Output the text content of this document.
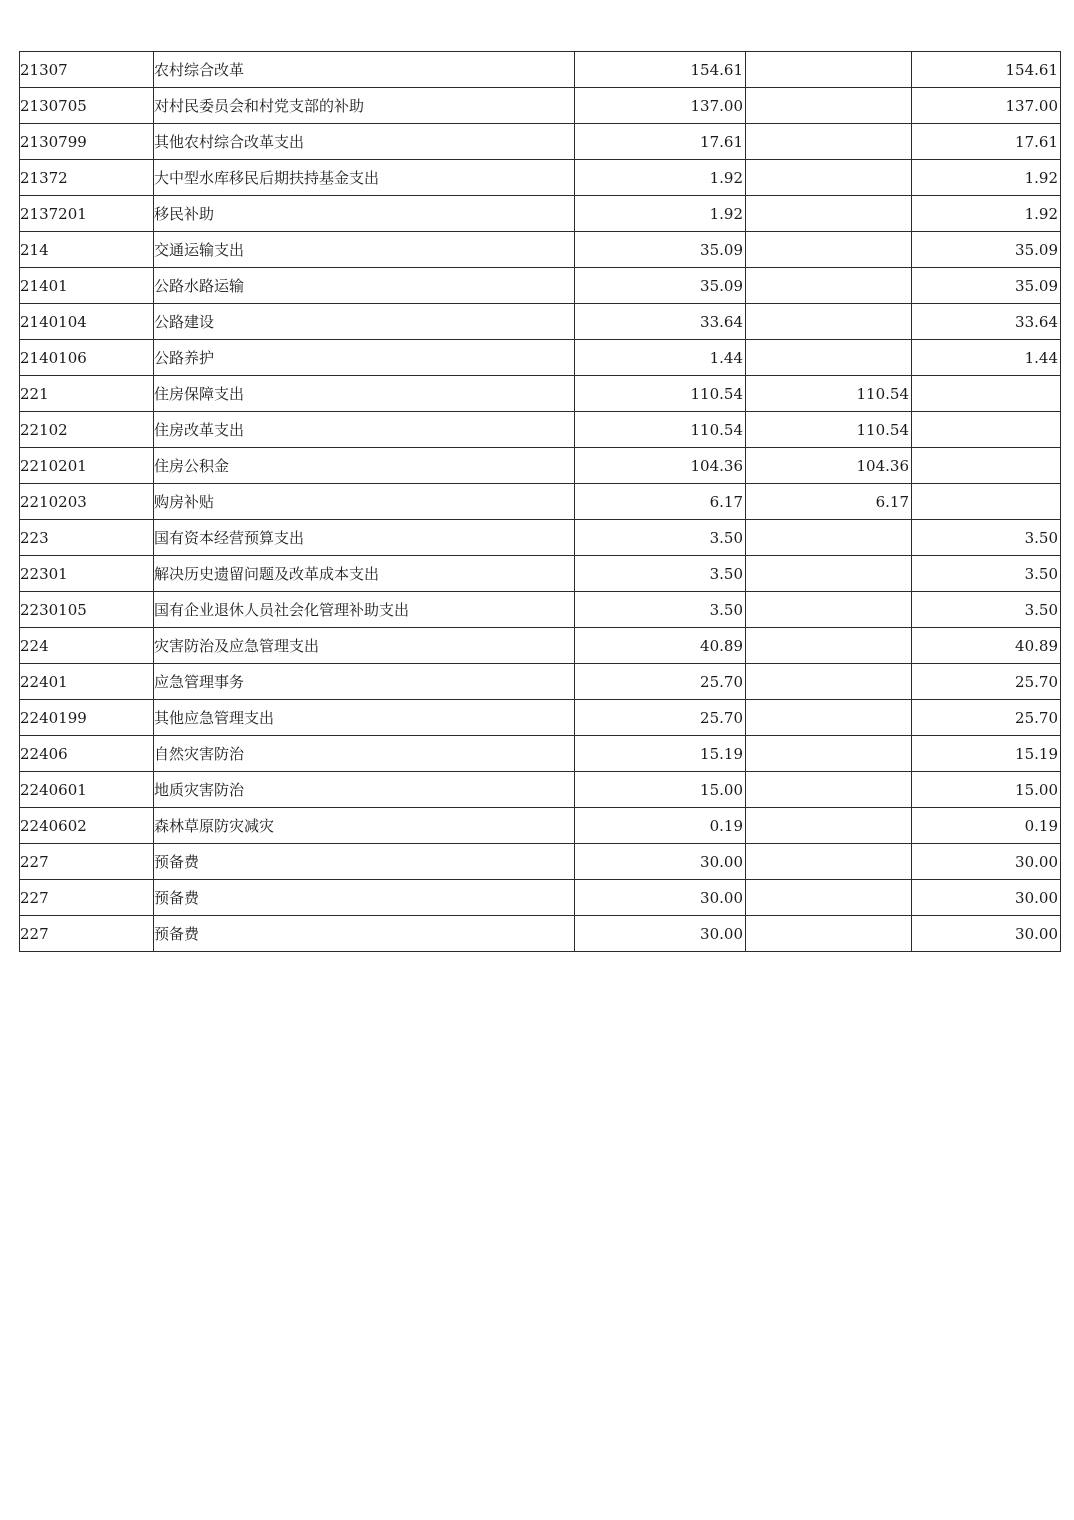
21307	农村综合改革	154.61		154.61
2130705	对村民委员会和村党支部的补助	137.00		137.00
2130799	其他农村综合改革支出	17.61		17.61
21372	大中型水库移民后期扶持基金支出	1.92		1.92
2137201	移民补助	1.92		1.92
214	交通运输支出	35.09		35.09
21401	公路水路运输	35.09		35.09
2140104	公路建设	33.64		33.64
2140106	公路养护	1.44		1.44
221	住房保障支出	110.54	110.54	
22102	住房改革支出	110.54	110.54	
2210201	住房公积金	104.36	104.36	
2210203	购房补贴	6.17	6.17	
223	国有资本经营预算支出	3.50		3.50
22301	解决历史遗留问题及改革成本支出	3.50		3.50
2230105	国有企业退休人员社会化管理补助支出	3.50		3.50
224	灾害防治及应急管理支出	40.89		40.89
22401	应急管理事务	25.70		25.70
2240199	其他应急管理支出	25.70		25.70
22406	自然灾害防治	15.19		15.19
2240601	地质灾害防治	15.00		15.00
2240602	森林草原防灾减灾	0.19		0.19
227	预备费	30.00		30.00
227	预备费	30.00		30.00
227	预备费	30.00		30.00
